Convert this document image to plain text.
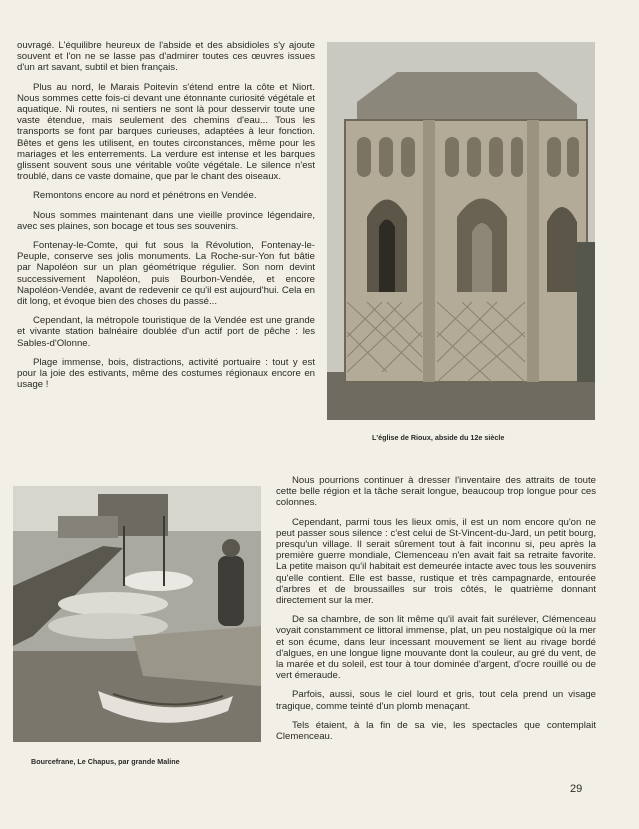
ouvragé. L'équilibre heureux de l'abside et des absidioles s'y ajoute souvent et l'on ne se lasse pas d'admirer toutes ces œuvres issues d'un art savant, subtil et bien français.

Plus au nord, le Marais Poitevin s'étend entre la côte et Niort. Nous sommes cette fois-ci devant une étonnante curiosité végétale et aquatique. Ni routes, ni sentiers ne sont là pour desservir toute une vaste étendue, mais seulement des chemins d'eau... Tous les transports se font par barques curieuses, adaptées à leur fonction. Bêtes et gens les utilisent, en toutes circonstances, même pour les mariages et les enterrements. La verdure est intense et les barques glissent souvent sous une véritable voûte végétale. Le silence n'est troublé, dans ce vaste domaine, que par le chant des oiseaux.

Remontons encore au nord et pénétrons en Vendée.

Nous sommes maintenant dans une vieille province légendaire, avec ses plaines, son bocage et tous ses souvenirs.

Fontenay-le-Comte, qui fut sous la Révolution, Fontenay-le-Peuple, conserve ses jolis monuments. La Roche-sur-Yon fut bâtie par Napoléon sur un plan géométrique régulier. Son nom devint successivement Napoléon, puis Bourbon-Vendée, et encore Napoléon-Vendée, avant de redevenir ce qu'il est aujourd'hui. Cela en dit long, et évoque bien des choses du passé...

Cependant, la métropole touristique de la Vendée est une grande et vivante station balnéaire doublée d'un actif port de pêche : les Sables-d'Olonne.

Plage immense, bois, distractions, activité portuaire : tout y est pour la joie des estivants, même des costumes régionaux encore en usage !

L'église de Rioux, abside du 12e siècle
Bourcefrane, Le Chapus, par grande Maline

Nous pourrions continuer à dresser l'inventaire des attraits de toute cette belle région et la tâche serait longue, beaucoup trop longue pour ces colonnes.

Cependant, parmi tous les lieux omis, il est un nom encore qu'on ne peut passer sous silence : c'est celui de St-Vincent-du-Jard, un petit bourg, presqu'un village. Il serait sûrement tout à fait inconnu si, peu après la première guerre mondiale, Clemenceau n'en avait fait sa retraite favorite. La petite maison qu'il habitait est demeurée intacte avec tous les souvenirs qu'elle contient. Elle est basse, rustique et très campagnarde, entourée d'arbres et de broussailles sur trois côtés, le quatrième donnant directement sur la mer.

De sa chambre, de son lit même qu'il avait fait surélever, Clémenceau voyait constamment ce littoral immense, plat, un peu nostalgique où la mer et son écume, dans leur incessant mouvement se lient au rivage bordé d'algues, en une longue ligne mouvante dont la couleur, au gré du vent, de la marée et du soleil, est tour à tour dominée d'argent, d'ocre rouillé ou de vert émeraude.

Parfois, aussi, sous le ciel lourd et gris, tout cela prend un visage tragique, comme teinté d'un plomb menaçant.

Tels étaient, à la fin de sa vie, les spectacles que contemplait Clemenceau.

29
